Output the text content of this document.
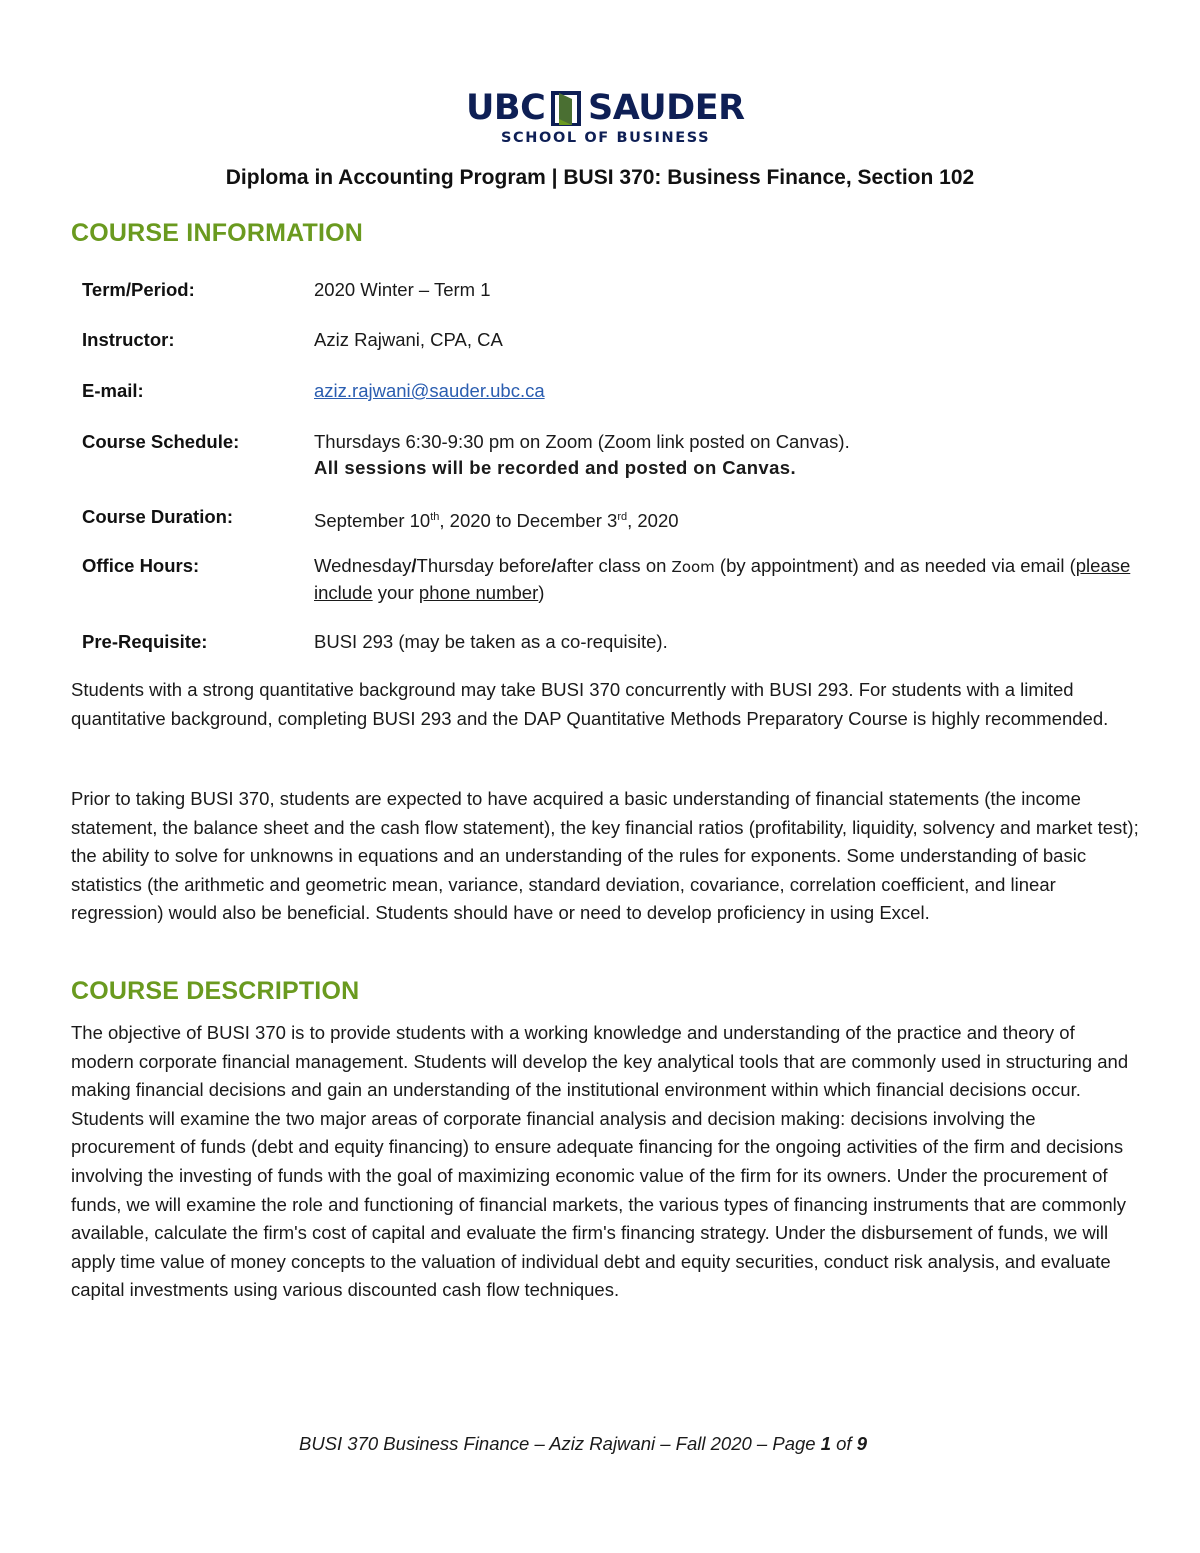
UBC SAUDER
SCHOOL OF BUSINESS
Diploma in Accounting Program | BUSI 370: Business Finance, Section 102
COURSE INFORMATION
Term/Period:	2020 Winter – Term 1
Instructor:	Aziz Rajwani, CPA, CA
E-mail:	aziz.rajwani@sauder.ubc.ca
Course Schedule:	Thursdays 6:30-9:30 pm on Zoom (Zoom link posted on Canvas).
All sessions will be recorded and posted on Canvas.
Course Duration:	September 10th, 2020 to December 3rd, 2020
Office Hours:	Wednesday/Thursday before/after class on Zoom (by appointment) and as needed via email (please include your phone number)
Pre-Requisite:	BUSI 293 (may be taken as a co-requisite).

Students with a strong quantitative background may take BUSI 370 concurrently with BUSI 293. For students with a limited quantitative background, completing BUSI 293 and the DAP Quantitative Methods Preparatory Course is highly recommended.

Prior to taking BUSI 370, students are expected to have acquired a basic understanding of financial statements (the income statement, the balance sheet and the cash flow statement), the key financial ratios (profitability, liquidity, solvency and market test); the ability to solve for unknowns in equations and an understanding of the rules for exponents. Some understanding of basic statistics (the arithmetic and geometric mean, variance, standard deviation, covariance, correlation coefficient, and linear regression) would also be beneficial. Students should have or need to develop proficiency in using Excel.

COURSE DESCRIPTION

The objective of BUSI 370 is to provide students with a working knowledge and understanding of the practice and theory of modern corporate financial management. Students will develop the key analytical tools that are commonly used in structuring and making financial decisions and gain an understanding of the institutional environment within which financial decisions occur. Students will examine the two major areas of corporate financial analysis and decision making: decisions involving the procurement of funds (debt and equity financing) to ensure adequate financing for the ongoing activities of the firm and decisions involving the investing of funds with the goal of maximizing economic value of the firm for its owners. Under the procurement of funds, we will examine the role and functioning of financial markets, the various types of financing instruments that are commonly available, calculate the firm's cost of capital and evaluate the firm's financing strategy. Under the disbursement of funds, we will apply time value of money concepts to the valuation of individual debt and equity securities, conduct risk analysis, and evaluate capital investments using various discounted cash flow techniques.

BUSI 370 Business Finance – Aziz Rajwani – Fall 2020 – Page 1 of 9
